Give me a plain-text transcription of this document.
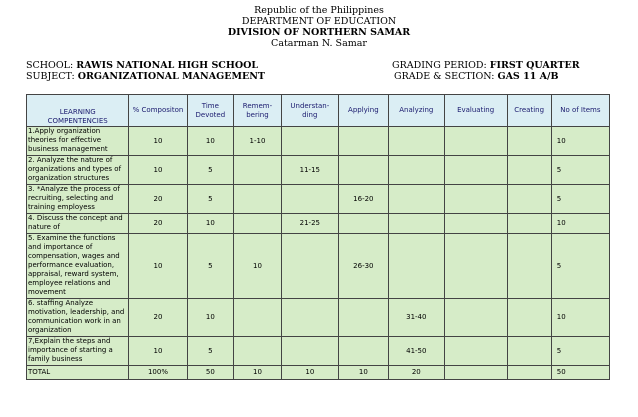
Republic of the Philippines
DEPARTMENT OF EDUCATION
DIVISION OF NORTHERN SAMAR
Catarman N. Samar
SCHOOL: RAWIS NATIONAL HIGH SCHOOL
SUBJECT: ORGANIZATIONAL MANAGEMENT
GRADING PERIOD: FIRST QUARTER
GRADE & SECTION: GAS 11 A/B
LEARNING COMPENTENCIES	% Compositon	Time Devoted	Remem-bering	Understan-ding	Applying	Analyzing	Evaluating	Creating	No of Items
1.Apply organization theories for effective business management	10	10	1-10						10
2. Analyze the nature of organizations and types of organization structures	10	5		11-15					5
3. *Analyze the process of recruiting, selecting and training employess	20	5			16-20				5
4. Discuss the concept and nature of	20	10		21-25					10
5. Examine the functions and importance of compensation, wages and performance evaluation, appraisal, reward system, employee relations and movement	10	5	10		26-30				5
6. staffing Analyze motivation, leadership, and communication work in an organization	20	10				31-40			10
7,Explain the steps and importance of starting a family business	10	5				41-50			5
TOTAL	100%	50	10	10	10	20			50
